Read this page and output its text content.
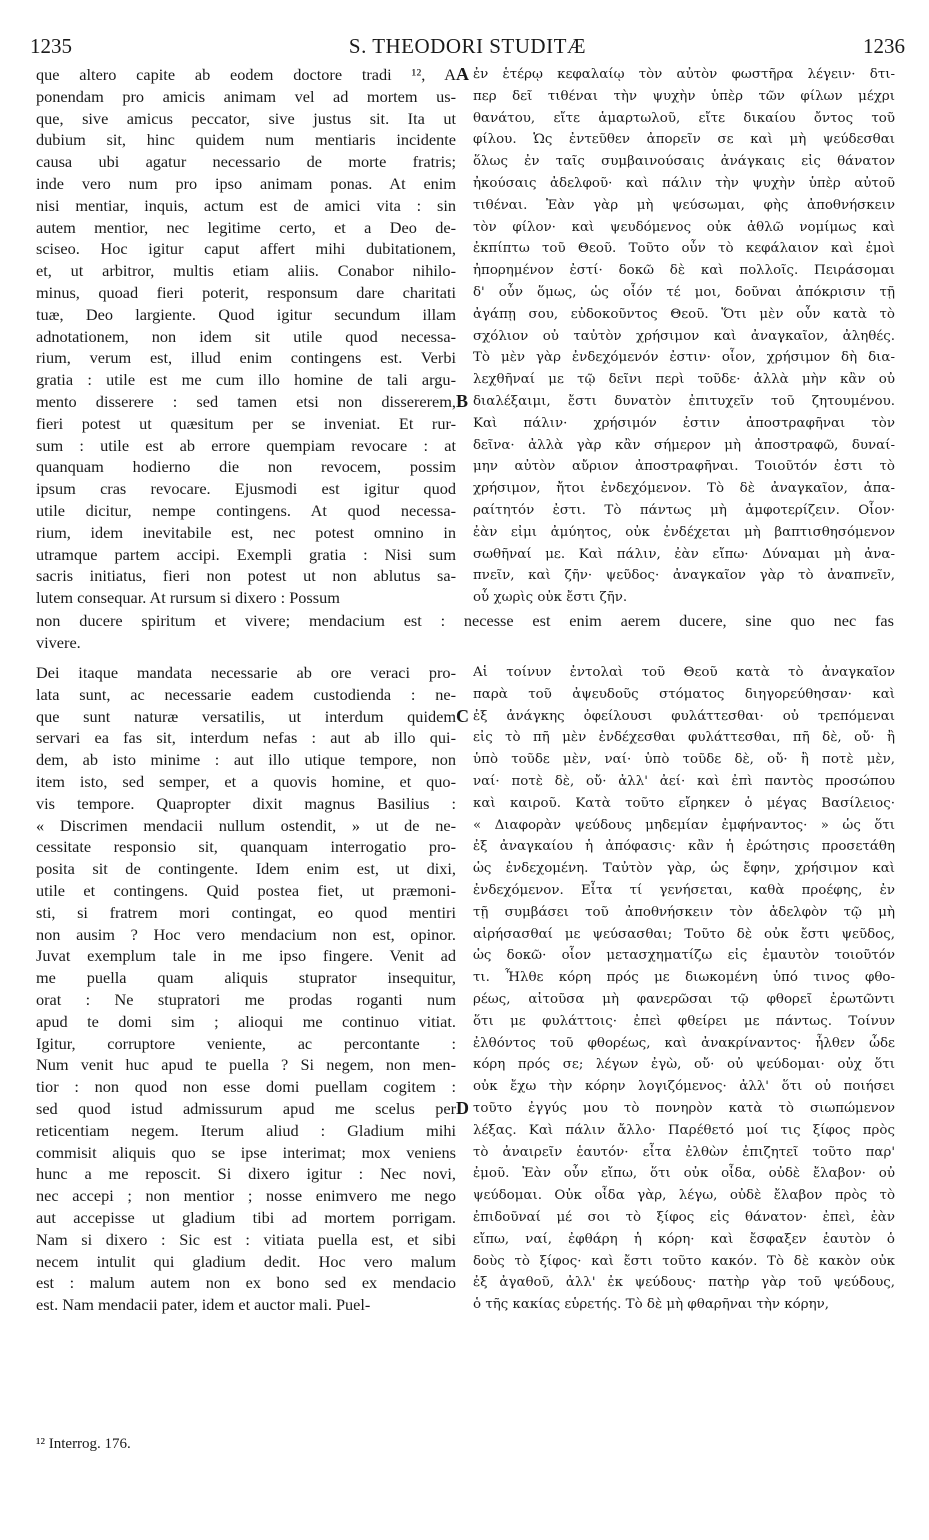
1235	S. THEODORI STUDITÆ	1236
que altero capite ab eodem doctore tradi ¹², A
ponendam pro amicis animam vel ad mortem us-
que, sive amicus peccator, sive justus sit. Ita ut
dubium sit, hinc quidem num mentiaris incidente
causa ubi agatur necessario de morte fratris;
inde vero num pro ipso animam ponas. At enim
nisi mentiar, inquis, actum est de amici vita : sin
autem mentior, nec legitime certo, et a Deo de-
sciseo. Hoc igitur caput affert mihi dubitationem,
et, ut arbitror, multis etiam aliis. Conabor nihilo-
minus, quoad fieri poterit, responsum dare charitati
tuæ, Deo largiente. Quod igitur secundum illam
adnotationem, non idem sit utile quod necessa-
rium, verum est, illud enim contingens est. Verbi
gratia : utile est me cum illo homine de tali argu-
mento disserere : sed tamen etsi non dissererem,
fieri potest ut quæsitum per se inveniat. Et rur-
sum : utile est ab errore quempiam revocare : at
quanquam hodierno die non revocem, possim
ipsum cras revocare. Ejusmodi est igitur quod
utile dicitur, nempe contingens. At quod necessa-
rium, idem inevitabile est, nec potest omnino in
utramque partem accipi. Exempli gratia : Nisi sum
sacris initiatus, fieri non potest ut non ablutus sa-
lutem consequar. At rursum si dixero : Possum
ἐν ἑτέρῳ κεφαλαίῳ τὸν αὐτὸν φωστῆρα λέγειν· δτι-
περ δεῖ τιθέναι τὴν ψυχὴν ὑπὲρ τῶν φίλων μέχρι
θανάτου, εἴτε ἁμαρτωλοῦ, εἴτε δικαίου ὄντος τοῦ
φίλου. Ὡς ἐντεῦθεν ἀπορεῖν σε καὶ μὴ ψεύδεσθαι
ὅλως ἐν ταῖς συμβαινούσαις ἀνάγκαις εἰς θάνατον
ἠκούσαις ἀδελφοῦ· καὶ πάλιν τὴν ψυχὴν ὑπὲρ αὐτοῦ
τιθέναι. Ἐὰν γὰρ μὴ ψεύσωμαι, φὴς ἀποθνήσκειν
τὸν φίλον· καὶ ψευδόμενος οὐκ ἀθλῶ νομίμως καὶ
ἐκπίπτω τοῦ Θεοῦ. Τοῦτο οὖν τὸ κεφάλαιον καὶ ἐμοὶ
ἠπορημένον ἐστί· δοκῶ δὲ καὶ πολλοῖς. Πειράσομαι
δ' οὖν ὅμως, ὡς οἷόν τέ μοι, δοῦναι ἀπόκρισιν τῇ
ἀγάπῃ σου, εὐδοκοῦντος Θεοῦ. Ὅτι μὲν οὖν κατὰ τὸ
σχόλιον οὐ ταὐτὸν χρήσιμον καὶ ἀναγκαῖον, ἀληθές.
Τὸ μὲν γὰρ ἐνδεχόμενόν ἐστιν· οἷον, χρήσιμον δὴ δια-
λεχθῆναί με τῷ δεῖνι περὶ τοῦδε· ἀλλὰ μὴν κἂν οὐ
διαλέξαιμι, ἔστι δυνατὸν ἐπιτυχεῖν τοῦ ζητουμένου.
Καὶ πάλιν· χρήσιμόν ἐστιν ἀποστραφῆναι τὸν
δεῖνα· ἀλλὰ γὰρ κἂν σήμερον μὴ ἀποστραφῶ, δυναί-
μην αὐτὸν αὔριον ἀποστραφῆναι. Τοιοῦτόν ἐστι τὸ
χρήσιμον, ἤτοι ἐνδεχόμενον. Τὸ δὲ ἀναγκαῖον, ἀπα-
ραίτητόν ἐστι. Τὸ πάντως μὴ ἀμφοτερίζειν. Οἷον·
ἐὰν εἰμι ἀμύητος, οὐκ ἐνδέχεται μὴ βαπτισθησόμενον
σωθῆναί με. Καὶ πάλιν, ἐὰν εἴπω· Δύναμαι μὴ ἀνα-
πνεῖν, καὶ ζῆν· ψεῦδος· ἀναγκαῖον γὰρ τὸ ἀναπνεῖν,
οὗ χωρὶς οὐκ ἔστι ζῆν.
non ducere spiritum et vivere; mendacium est : necesse est enim aerem ducere, sine quo nec fas
vivere.
Dei itaque mandata necessarie ab ore veraci pro-
lata sunt, ac necessarie eadem custodienda : ne-
que sunt naturæ versatilis, ut interdum quidem
servari ea fas sit, interdum nefas : aut ab illo qui-
dem, ab isto minime : aut illo utique tempore, non
item isto, sed semper, et a quovis homine, et quo-
vis tempore. Quapropter dixit magnus Basilius :
« Discrimen mendacii nullum ostendit, » ut de ne-
cessitate responsio sit, quanquam interrogatio pro-
posita sit de contingente. Idem enim est, ut dixi,
utile et contingens. Quid postea fiet, ut præmoni-
sti, si fratrem mori contingat, eo quod mentiri
non ausim ? Hoc vero mendacium non est, opinor.
Juvat exemplum tale in me ipso fingere. Venit ad
me puella quam aliquis stuprator insequitur,
orat : Ne stupratori me prodas roganti num
apud te domi sim ; alioqui me continuo vitiat.
Igitur, corruptore veniente, ac percontante :
Num venit huc apud te puella ? Si negem, non men-
tior : non quod non esse domi puellam cogitem :
sed quod istud admissurum apud me scelus per
reticentiam negem. Iterum aliud : Gladium mihi
commisit aliquis quo se ipse interimat; mox veniens
hunc a me reposcit. Si dixero igitur : Nec novi,
nec accepi ; non mentior ; nosse enimvero me nego
aut accepisse ut gladium tibi ad mortem porrigam.
Nam si dixero : Sic est : vitiata puella est, et sibi
necem intulit qui gladium dedit. Hoc vero malum
est : malum autem non ex bono sed ex mendacio
est. Nam mendacii pater, idem et auctor mali. Puel-
Αἱ τοίνυν ἐντολαὶ τοῦ Θεοῦ κατὰ τὸ ἀναγκαῖον
παρὰ τοῦ ἀψευδοῦς στόματος διηγορεύθησαν· καὶ
ἐξ ἀνάγκης ὀφείλουσι φυλάττεσθαι· οὐ τρεπόμεναι
εἰς τὸ πῆ μὲν ἐνδέχεσθαι φυλάττεσθαι, πῆ δὲ, οὔ· ἢ
ὑπὸ τοῦδε μὲν, ναί· ὑπὸ τοῦδε δὲ, οὔ· ἢ ποτὲ μὲν,
ναί· ποτὲ δὲ, οὔ· ἀλλ' ἀεί· καὶ ἐπὶ παντὸς προσώπου
καὶ καιροῦ. Κατὰ τοῦτο εἴρηκεν ὁ μέγας Βασίλειος·
« Διαφορὰν ψεύδους μηδεμίαν ἐμφήναντος· » ὡς ὅτι
ἐξ ἀναγκαίου ἡ ἀπόφασις· κἂν ἡ ἐρώτησις προσετάθη
ὡς ἐνδεχομένη. Ταὐτὸν γὰρ, ὡς ἔφην, χρήσιμον καὶ
ἐνδεχόμενον. Εἶτα τί γενήσεται, καθὰ προέφης, ἐν
τῇ συμβάσει τοῦ ἀποθνήσκειν τὸν ἀδελφὸν τῷ μὴ
αἱρήσασθαί με ψεύσασθαι; Τοῦτο δὲ οὐκ ἔστι ψεῦδος,
ὡς δοκῶ· οἷον μετασχηματίζω εἰς ἐμαυτὸν τοιοῦτόν
τι. Ἦλθε κόρη πρός με διωκομένη ὑπό τινος φθο-
ρέως, αἰτοῦσα μὴ φανερῶσαι τῷ φθορεῖ ἐρωτῶντι
ὅτι με φυλάττοις· ἐπεὶ φθείρει με πάντως. Τοίνυν
ἐλθόντος τοῦ φθορέως, καὶ ἀνακρίναντος· ἦλθεν ὧδε
κόρη πρός σε; λέγων ἐγὼ, οὔ· οὐ ψεύδομαι· οὐχ ὅτι
οὐκ ἔχω τὴν κόρην λογιζόμενος· ἀλλ' ὅτι οὐ ποιήσει
τοῦτο ἐγγύς μου τὸ πονηρὸν κατὰ τὸ σιωπώμενον
λέξας. Καὶ πάλιν ἄλλο· Παρέθετό μοί τις ξίφος πρὸς
τὸ ἀναιρεῖν ἑαυτόν· εἶτα ἐλθὼν ἐπιζητεῖ τοῦτο παρ'
ἐμοῦ. Ἐὰν οὖν εἴπω, ὅτι οὐκ οἶδα, οὐδὲ ἔλαβον· οὐ
ψεύδομαι. Οὐκ οἶδα γὰρ, λέγω, οὐδὲ ἔλαβον πρὸς τὸ
ἐπιδοῦναί μέ σοι τὸ ξίφος εἰς θάνατον· ἐπεὶ, ἐὰν
εἴπω, ναί, ἐφθάρη ἡ κόρη· καὶ ἔσφαξεν ἑαυτὸν ὁ
δοὺς τὸ ξίφος· καὶ ἔστι τοῦτο κακόν. Τὸ δὲ κακὸν οὐκ
ἐξ ἀγαθοῦ, ἀλλ' ἐκ ψεύδους· πατὴρ γὰρ τοῦ ψεύδους,
ὁ τῆς κακίας εὑρετής. Τὸ δὲ μὴ φθαρῆναι τὴν κόρην,
A
B
C
D
¹² Interrog. 176.
